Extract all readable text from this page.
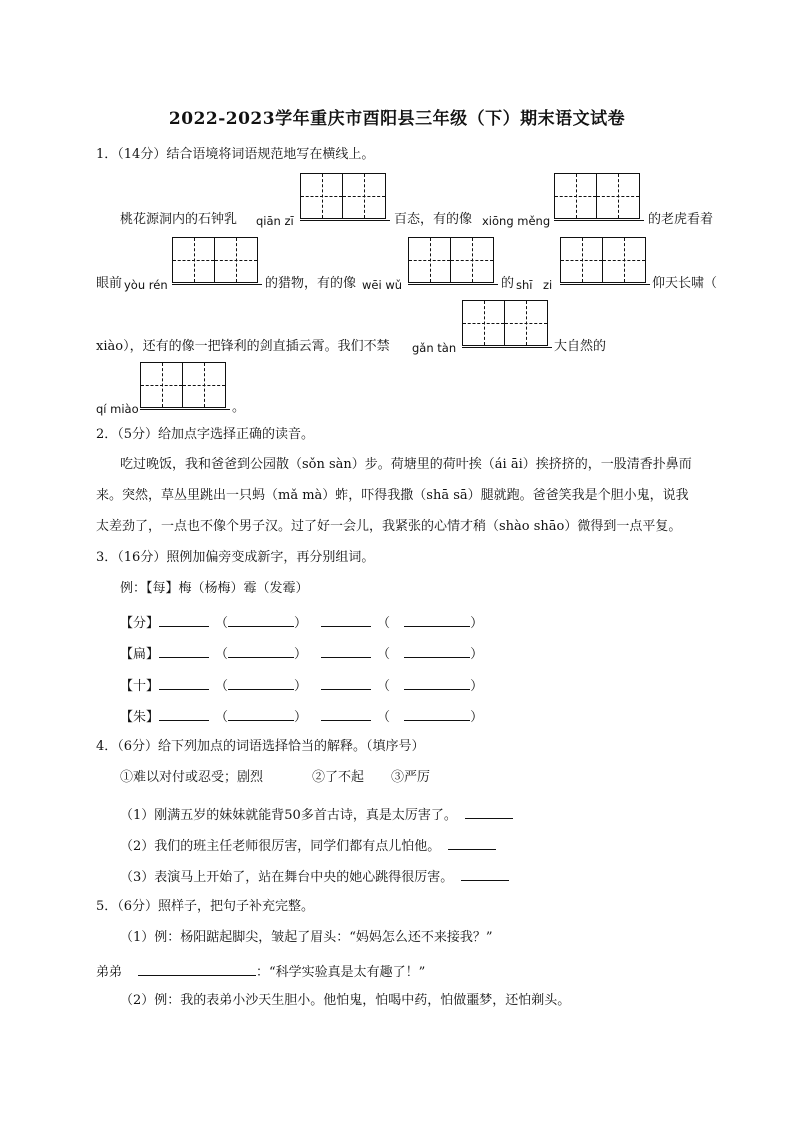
2022-2023学年重庆市酉阳县三年级（下）期末语文试卷
1．（14分）结合语境将词语规范地写在横线上。
桃花源洞内的石钟乳 qiān zī	百态，有的像 xiōng měng	的老虎看着
眼前 yòu rén	的猎物，有的像 wēi wǔ	的 shī zi	仰天长啸（
xiào），还有的像一把锋利的剑直插云霄。我们不禁 gǎn tàn	大自然的
qí miào	。
2．（5分）给加点字选择正确的读音。
吃过晚饭，我和爸爸到公园散（sǒn sàn）步。荷塘里的荷叶挨（ái āi）挨挤挤的，一股清香扑鼻而
来。突然，草丛里跳出一只蚂（mǎ mà）蚱，吓得我撒（shā sā）腿就跑。爸爸笑我是个胆小鬼，说我
太差劲了，一点也不像个男子汉。过了好一会儿，我紧张的心情才稍（shào shāo）微得到一点平复。
3．（16分）照例加偏旁变成新字，再分别组词。
例：【每】梅（杨梅）霉（发霉）
【分】	（	）	（	）
【扁】	（	）	（	）
【十】	（	）	（	）
【朱】	（	）	（	）
4．（6分）给下列加点的词语选择恰当的解释。（填序号）
①难以对付或忍受；剧烈	②了不起 ③严厉
（1）刚满五岁的妹妹就能背50多首古诗，真是太厉害了。
（2）我们的班主任老师很厉害，同学们都有点儿怕他。
（3）表演马上开始了，站在舞台中央的她心跳得很厉害。
5．（6分）照样子，把句子补充完整。
（1）例：杨阳踮起脚尖，皱起了眉头：“妈妈怎么还不来接我？”
弟弟	：“科学实验真是太有趣了！”
（2）例：我的表弟小沙天生胆小。他怕鬼，怕喝中药，怕做噩梦，还怕剃头。
